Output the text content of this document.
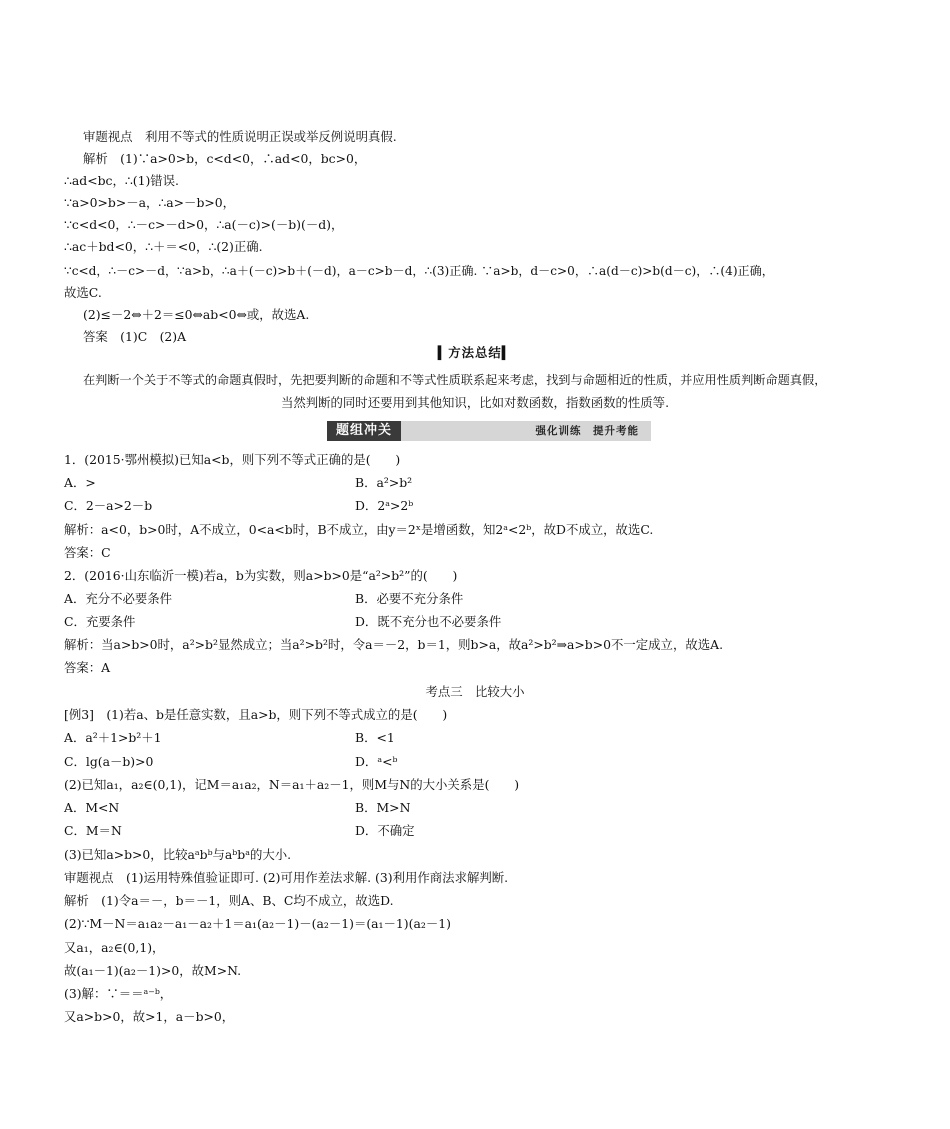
审题视点　利用不等式的性质说明正误或举反例说明真假.
解析　(1)∵a>0>b，c<d<0，∴ad<0，bc>0，
∴ad<bc，∴(1)错误.
∵a>0>b>－a，∴a>－b>0，
∵c<d<0，∴－c>－d>0，∴a(－c)>(－b)(－d)，
∴ac＋bd<0，∴＋＝<0，∴(2)正确.
∵c<d，∴－c>－d，∵a>b，∴a＋(－c)>b＋(－d)，a－c>b－d，∴(3)正确. ∵a>b，d－c>0，∴a(d－c)>b(d－c)，∴(4)正确，
故选C.
(2)≤－2⇔＋2＝≤0⇔ab<0⇔或，故选A.
答案　(1)C　(2)A
▍方法总结▍
在判断一个关于不等式的命题真假时，先把要判断的命题和不等式性质联系起来考虑，找到与命题相近的性质，并应用性质判断命题真假，
当然判断的同时还要用到其他知识，比如对数函数，指数函数的性质等.
题组冲关	强化训练　提升考能
1．(2015·鄂州模拟)已知a<b，则下列不等式正确的是(　　)
A．>	B．a²>b²
C．2－a>2－b	D．2ᵃ>2ᵇ
解析：a<0，b>0时，A不成立，0<a<b时，B不成立，由y＝2ˣ是增函数，知2ᵃ<2ᵇ，故D不成立，故选C.
答案：C
2．(2016·山东临沂一模)若a，b为实数，则a>b>0是“a²>b²”的(　　)
A．充分不必要条件	B．必要不充分条件
C．充要条件	D．既不充分也不必要条件
解析：当a>b>0时，a²>b²显然成立；当a²>b²时，令a＝－2，b＝1，则b>a，故a²>b²⇒a>b>0不一定成立，故选A.
答案：A
考点三　比较大小
[例3]　(1)若a、b是任意实数，且a>b，则下列不等式成立的是(　　)
A．a²＋1>b²＋1	B．<1
C．lg(a－b)>0	D．ᵃ<ᵇ
(2)已知a₁，a₂∈(0,1)，记M＝a₁a₂，N＝a₁＋a₂－1，则M与N的大小关系是(　　)
A．M<N	B．M>N
C．M＝N	D．不确定
(3)已知a>b>0，比较aᵃbᵇ与aᵇbᵃ的大小.
审题视点　(1)运用特殊值验证即可. (2)可用作差法求解. (3)利用作商法求解判断.
解析　(1)令a＝－，b＝－1，则A、B、C均不成立，故选D.
(2)∵M－N＝a₁a₂－a₁－a₂＋1＝a₁(a₂－1)－(a₂－1)＝(a₁－1)(a₂－1)
又a₁，a₂∈(0,1)，
故(a₁－1)(a₂－1)>0，故M>N.
(3)解：∵＝＝ᵃ⁻ᵇ，
又a>b>0，故>1，a－b>0，
